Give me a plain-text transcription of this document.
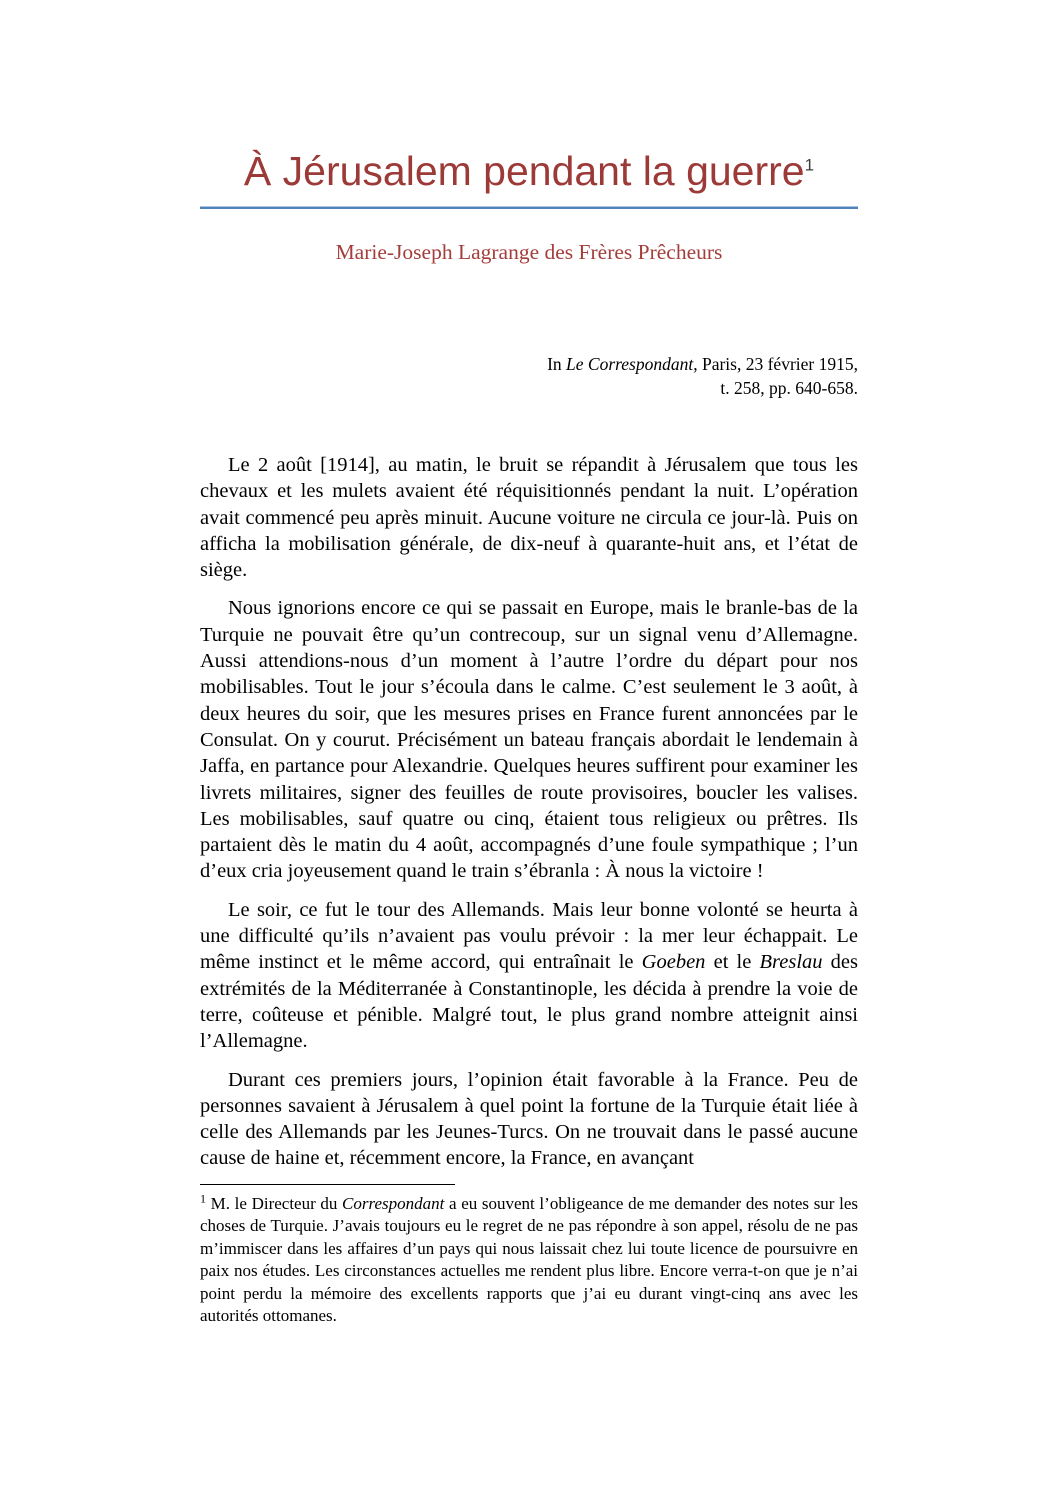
À Jérusalem pendant la guerre$^1$
Marie-Joseph Lagrange des Frères Prêcheurs
In Le Correspondant, Paris, 23 février 1915,
t. 258, pp. 640-658.

Le 2 août [1914], au matin, le bruit se répandit à Jérusalem que tous les chevaux et les mulets avaient été réquisitionnés pendant la nuit. L’opération avait commencé peu après minuit. Aucune voiture ne circula ce jour-là. Puis on afficha la mobilisation générale, de dix-neuf à quarante-huit ans, et l’état de siège.

Nous ignorions encore ce qui se passait en Europe, mais le branle-bas de la Turquie ne pouvait être qu’un contrecoup, sur un signal venu d’Allemagne. Aussi attendions-nous d’un moment à l’autre l’ordre du départ pour nos mobilisables. Tout le jour s’écoula dans le calme. C’est seulement le 3 août, à deux heures du soir, que les mesures prises en France furent annoncées par le Consulat. On y courut. Précisément un bateau français abordait le lendemain à Jaffa, en partance pour Alexandrie. Quelques heures suffirent pour examiner les livrets militaires, signer des feuilles de route provisoires, boucler les valises. Les mobilisables, sauf quatre ou cinq, étaient tous religieux ou prêtres. Ils partaient dès le matin du 4 août, accompagnés d’une foule sympathique ; l’un d’eux cria joyeusement quand le train s’ébranla : À nous la victoire !

Le soir, ce fut le tour des Allemands. Mais leur bonne volonté se heurta à une difficulté qu’ils n’avaient pas voulu prévoir : la mer leur échappait. Le même instinct et le même accord, qui entraînait le Goeben et le Breslau des extrémités de la Méditerranée à Constantinople, les décida à prendre la voie de terre, coûteuse et pénible. Malgré tout, le plus grand nombre atteignit ainsi l’Allemagne.

Durant ces premiers jours, l’opinion était favorable à la France. Peu de personnes savaient à Jérusalem à quel point la fortune de la Turquie était liée à celle des Allemands par les Jeunes-Turcs. On ne trouvait dans le passé aucune cause de haine et, récemment encore, la France, en avançant

$^1$ M. le Directeur du Correspondant a eu souvent l’obligeance de me demander des notes sur les choses de Turquie. J’avais toujours eu le regret de ne pas répondre à son appel, résolu de ne pas m’immiscer dans les affaires d’un pays qui nous laissait chez lui toute licence de poursuivre en paix nos études. Les circonstances actuelles me rendent plus libre. Encore verra-t-on que je n’ai point perdu la mémoire des excellents rapports que j’ai eu durant vingt-cinq ans avec les autorités ottomanes.
